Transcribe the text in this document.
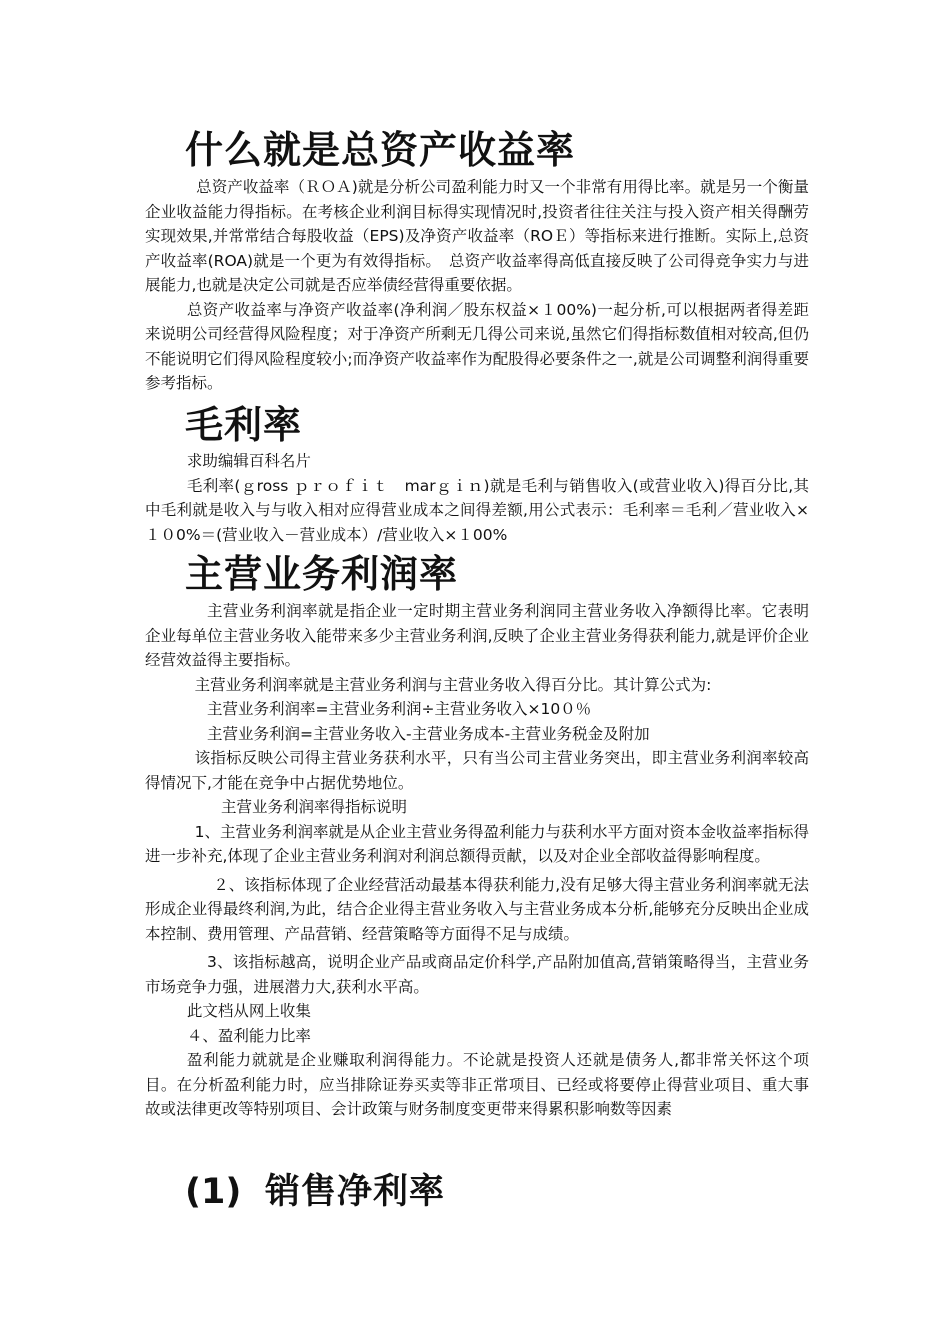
什么就是总资产收益率

总资产收益率（ＲＯＡ)就是分析公司盈利能力时又一个非常有用得比率。就是另一个衡量企业收益能力得指标。在考核企业利润目标得实现情况时,投资者往往关注与投入资产相关得酬劳实现效果,并常常结合每股收益（EPS)及净资产收益率（ROＥ）等指标来进行推断。实际上,总资产收益率(ROA)就是一个更为有效得指标。　总资产收益率得高低直接反映了公司得竞争实力与进展能力,也就是决定公司就是否应举债经营得重要依据。

总资产收益率与净资产收益率(净利润／股东权益×１00%)一起分析,可以根据两者得差距来说明公司经营得风险程度；对于净资产所剩无几得公司来说,虽然它们得指标数值相对较高,但仍不能说明它们得风险程度较小;而净资产收益率作为配股得必要条件之一,就是公司调整利润得重要参考指标。

毛利率

求助编辑百科名片

毛利率(ｇross ｐｒｏｆｉｔ　marｇｉｎ)就是毛利与销售收入(或营业收入)得百分比,其中毛利就是收入与与收入相对应得营业成本之间得差额,用公式表示：毛利率＝毛利／营业收入×１０0%＝(营业收入－营业成本）/营业收入×１00%

主营业务利润率

主营业务利润率就是指企业一定时期主营业务利润同主营业务收入净额得比率。它表明企业每单位主营业务收入能带来多少主营业务利润,反映了企业主营业务得获利能力,就是评价企业经营效益得主要指标。

主营业务利润率就是主营业务利润与主营业务收入得百分比。其计算公式为:

主营业务利润率=主营业务利润÷主营业务收入×10０％

主营业务利润=主营业务收入-主营业务成本-主营业务税金及附加

该指标反映公司得主营业务获利水平，只有当公司主营业务突出，即主营业务利润率较高得情况下,才能在竞争中占据优势地位。

主营业务利润率得指标说明

1、主营业务利润率就是从企业主营业务得盈利能力与获利水平方面对资本金收益率指标得进一步补充,体现了企业主营业务利润对利润总额得贡献，以及对企业全部收益得影响程度。

２、该指标体现了企业经营活动最基本得获利能力,没有足够大得主营业务利润率就无法形成企业得最终利润,为此，结合企业得主营业务收入与主营业务成本分析,能够充分反映出企业成本控制、费用管理、产品营销、经营策略等方面得不足与成绩。

3、该指标越高，说明企业产品或商品定价科学,产品附加值高,营销策略得当，主营业务市场竞争力强，进展潜力大,获利水平高。

此文档从网上收集

４、盈利能力比率

盈利能力就就是企业赚取利润得能力。不论就是投资人还就是债务人,都非常关怀这个项目。在分析盈利能力时，应当排除证券买卖等非正常项目、已经或将要停止得营业项目、重大事故或法律更改等特别项目、会计政策与财务制度变更带来得累积影响数等因素

(1) 销售净利率
